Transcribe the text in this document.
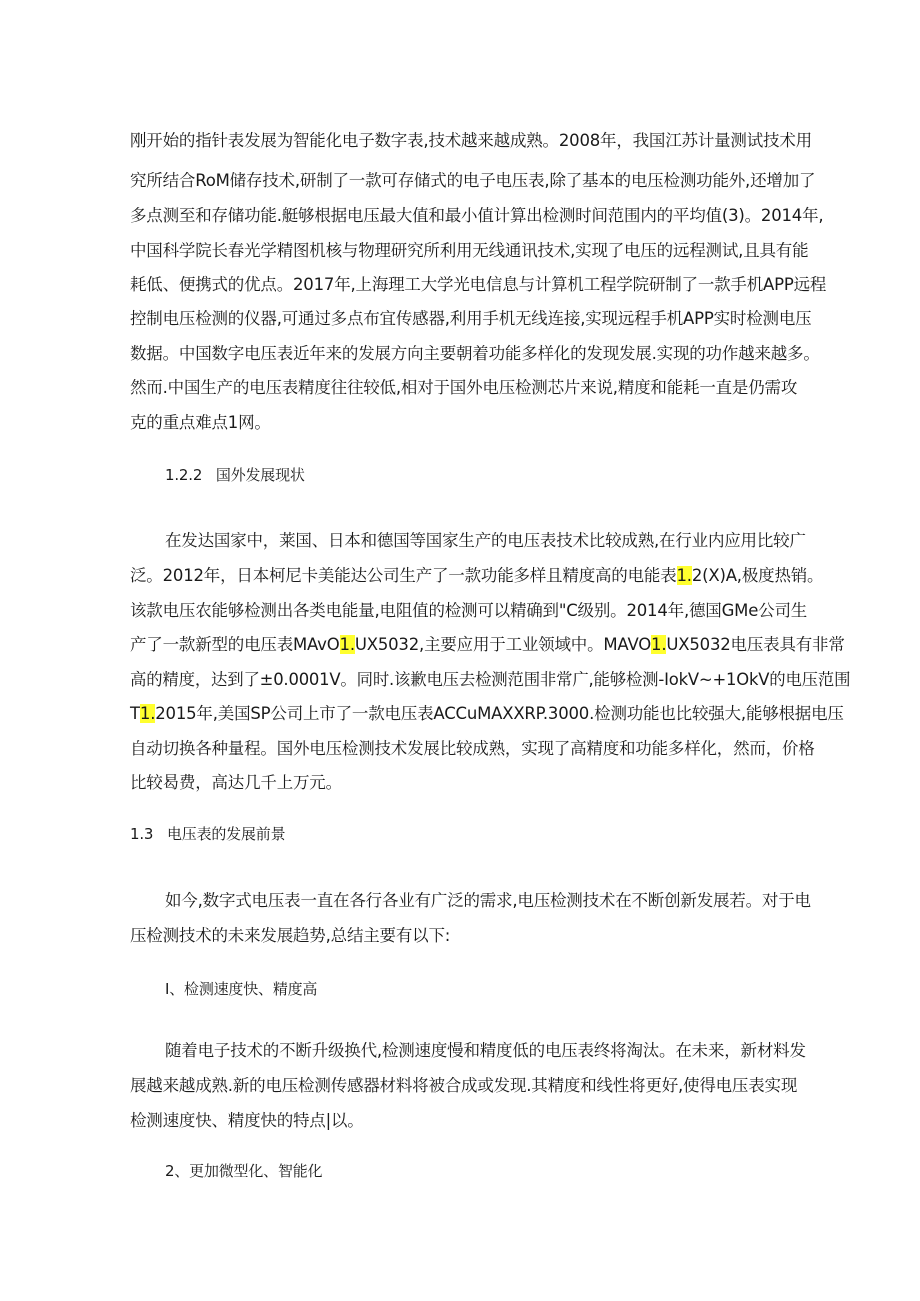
刚开始的指针表发展为智能化电子数字表,技术越来越成熟。2008年，我国江苏计量测试技术用
究所结合RoM储存技术,研制了一款可存储式的电子电压表,除了基本的电压检测功能外,还增加了
多点测至和存储功能.艇够根据电压最大值和最小值计算出检测时间范围内的平均值(3)。2014年,
中国科学院长春光学精图机核与物理研究所利用无线通讯技术,实现了电压的远程测试,且具有能
耗低、便携式的优点。2017年,上海理工大学光电信息与计算机工程学院研制了一款手机APP远程
控制电压检测的仪器,可通过多点布宜传感器,利用手机无线连接,实现远程手机APP实时检测电压
数据。中国数字电压表近年来的发展方向主要朝着功能多样化的发现发展.实现的功作越来越多。
然而.中国生产的电压表精度往往较低,相对于国外电压检测芯片来说,精度和能耗一直是仍需攻
克的重点难点1网。
1.2.2 国外发展现状
在发达国家中，莱国、日本和德国等国家生产的电压表技术比较成熟,在行业内应用比较广
泛。2012年，日本柯尼卡美能达公司生产了一款功能多样且精度高的电能表1.2(X)A,极度热销。
该款电压农能够检测出各类电能量,电阻值的检测可以精确到"C级别。2014年,德国GMe公司生
产了一款新型的电压表MAvO1.UX5032,主要应用于工业领域中。MAVO1.UX5032电压表具有非常
高的精度，达到了±0.0001V。同时.该歉电压去检测范围非常广,能够检测-IokV~+1OkV的电压范围
T1.2015年,美国SP公司上市了一款电压表ACCuMAXXRP.3000.检测功能也比较强大,能够根据电压
自动切换各种量程。国外电压检测技术发展比较成熟，实现了高精度和功能多样化，然而，价格
比较曷费，高达几千上万元。
1.3 电压表的发展前景
如今,数字式电压表一直在各行各业有广泛的需求,电压检测技术在不断创新发展若。对于电
压检测技术的未来发展趋势,总结主要有以下:
I、检测速度快、精度高
随着电子技术的不断升级换代,检测速度慢和精度低的电压表终将淘汰。在未来，新材料发
展越来越成熟.新的电压检测传感器材料将被合成或发现.其精度和线性将更好,使得电压表实现
检测速度快、精度快的特点|以。
2、更加微型化、智能化
